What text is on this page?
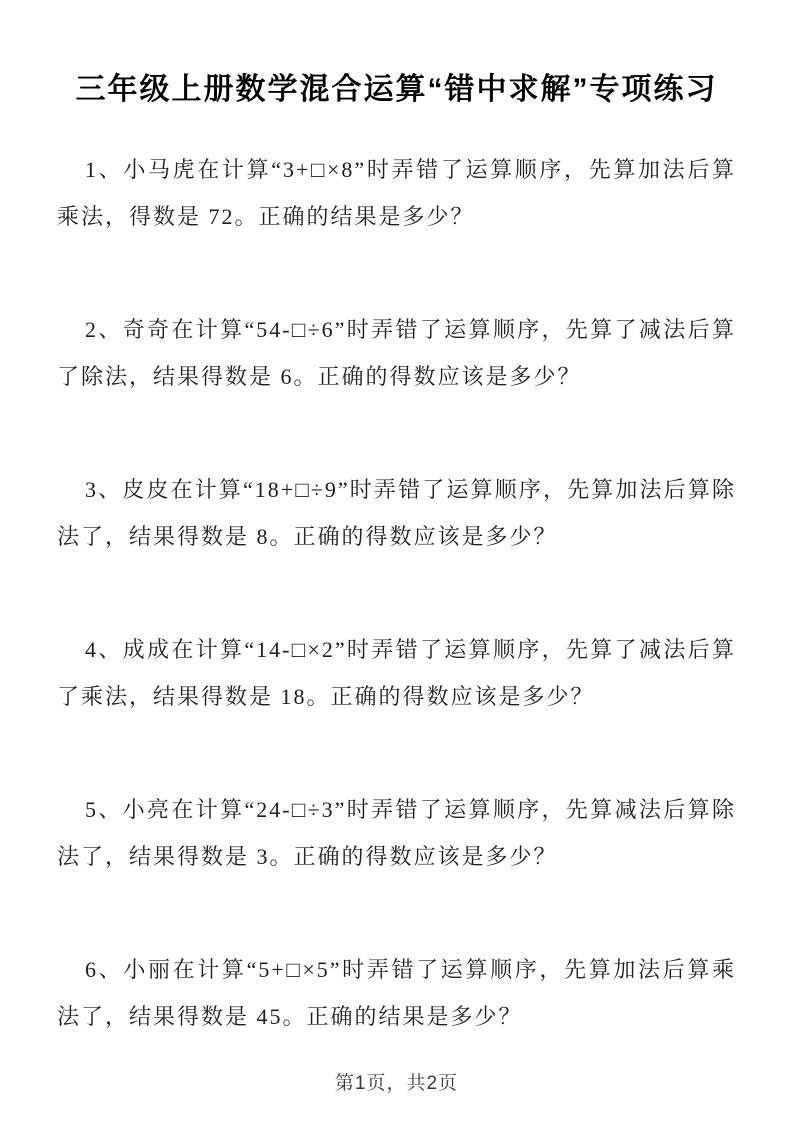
三年级上册数学混合运算“错中求解”专项练习

1、小马虎在计算“3+□×8”时弄错了运算顺序，先算加法后算乘法，得数是 72。正确的结果是多少？

2、奇奇在计算“54-□÷6”时弄错了运算顺序，先算了减法后算了除法，结果得数是 6。正确的得数应该是多少？

3、皮皮在计算“18+□÷9”时弄错了运算顺序，先算加法后算除法了，结果得数是 8。正确的得数应该是多少？

4、成成在计算“14-□×2”时弄错了运算顺序，先算了减法后算了乘法，结果得数是 18。正确的得数应该是多少？

5、小亮在计算“24-□÷3”时弄错了运算顺序，先算减法后算除法了，结果得数是 3。正确的得数应该是多少？

6、小丽在计算“5+□×5”时弄错了运算顺序，先算加法后算乘法了，结果得数是 45。正确的结果是多少？

第1页，共2页
